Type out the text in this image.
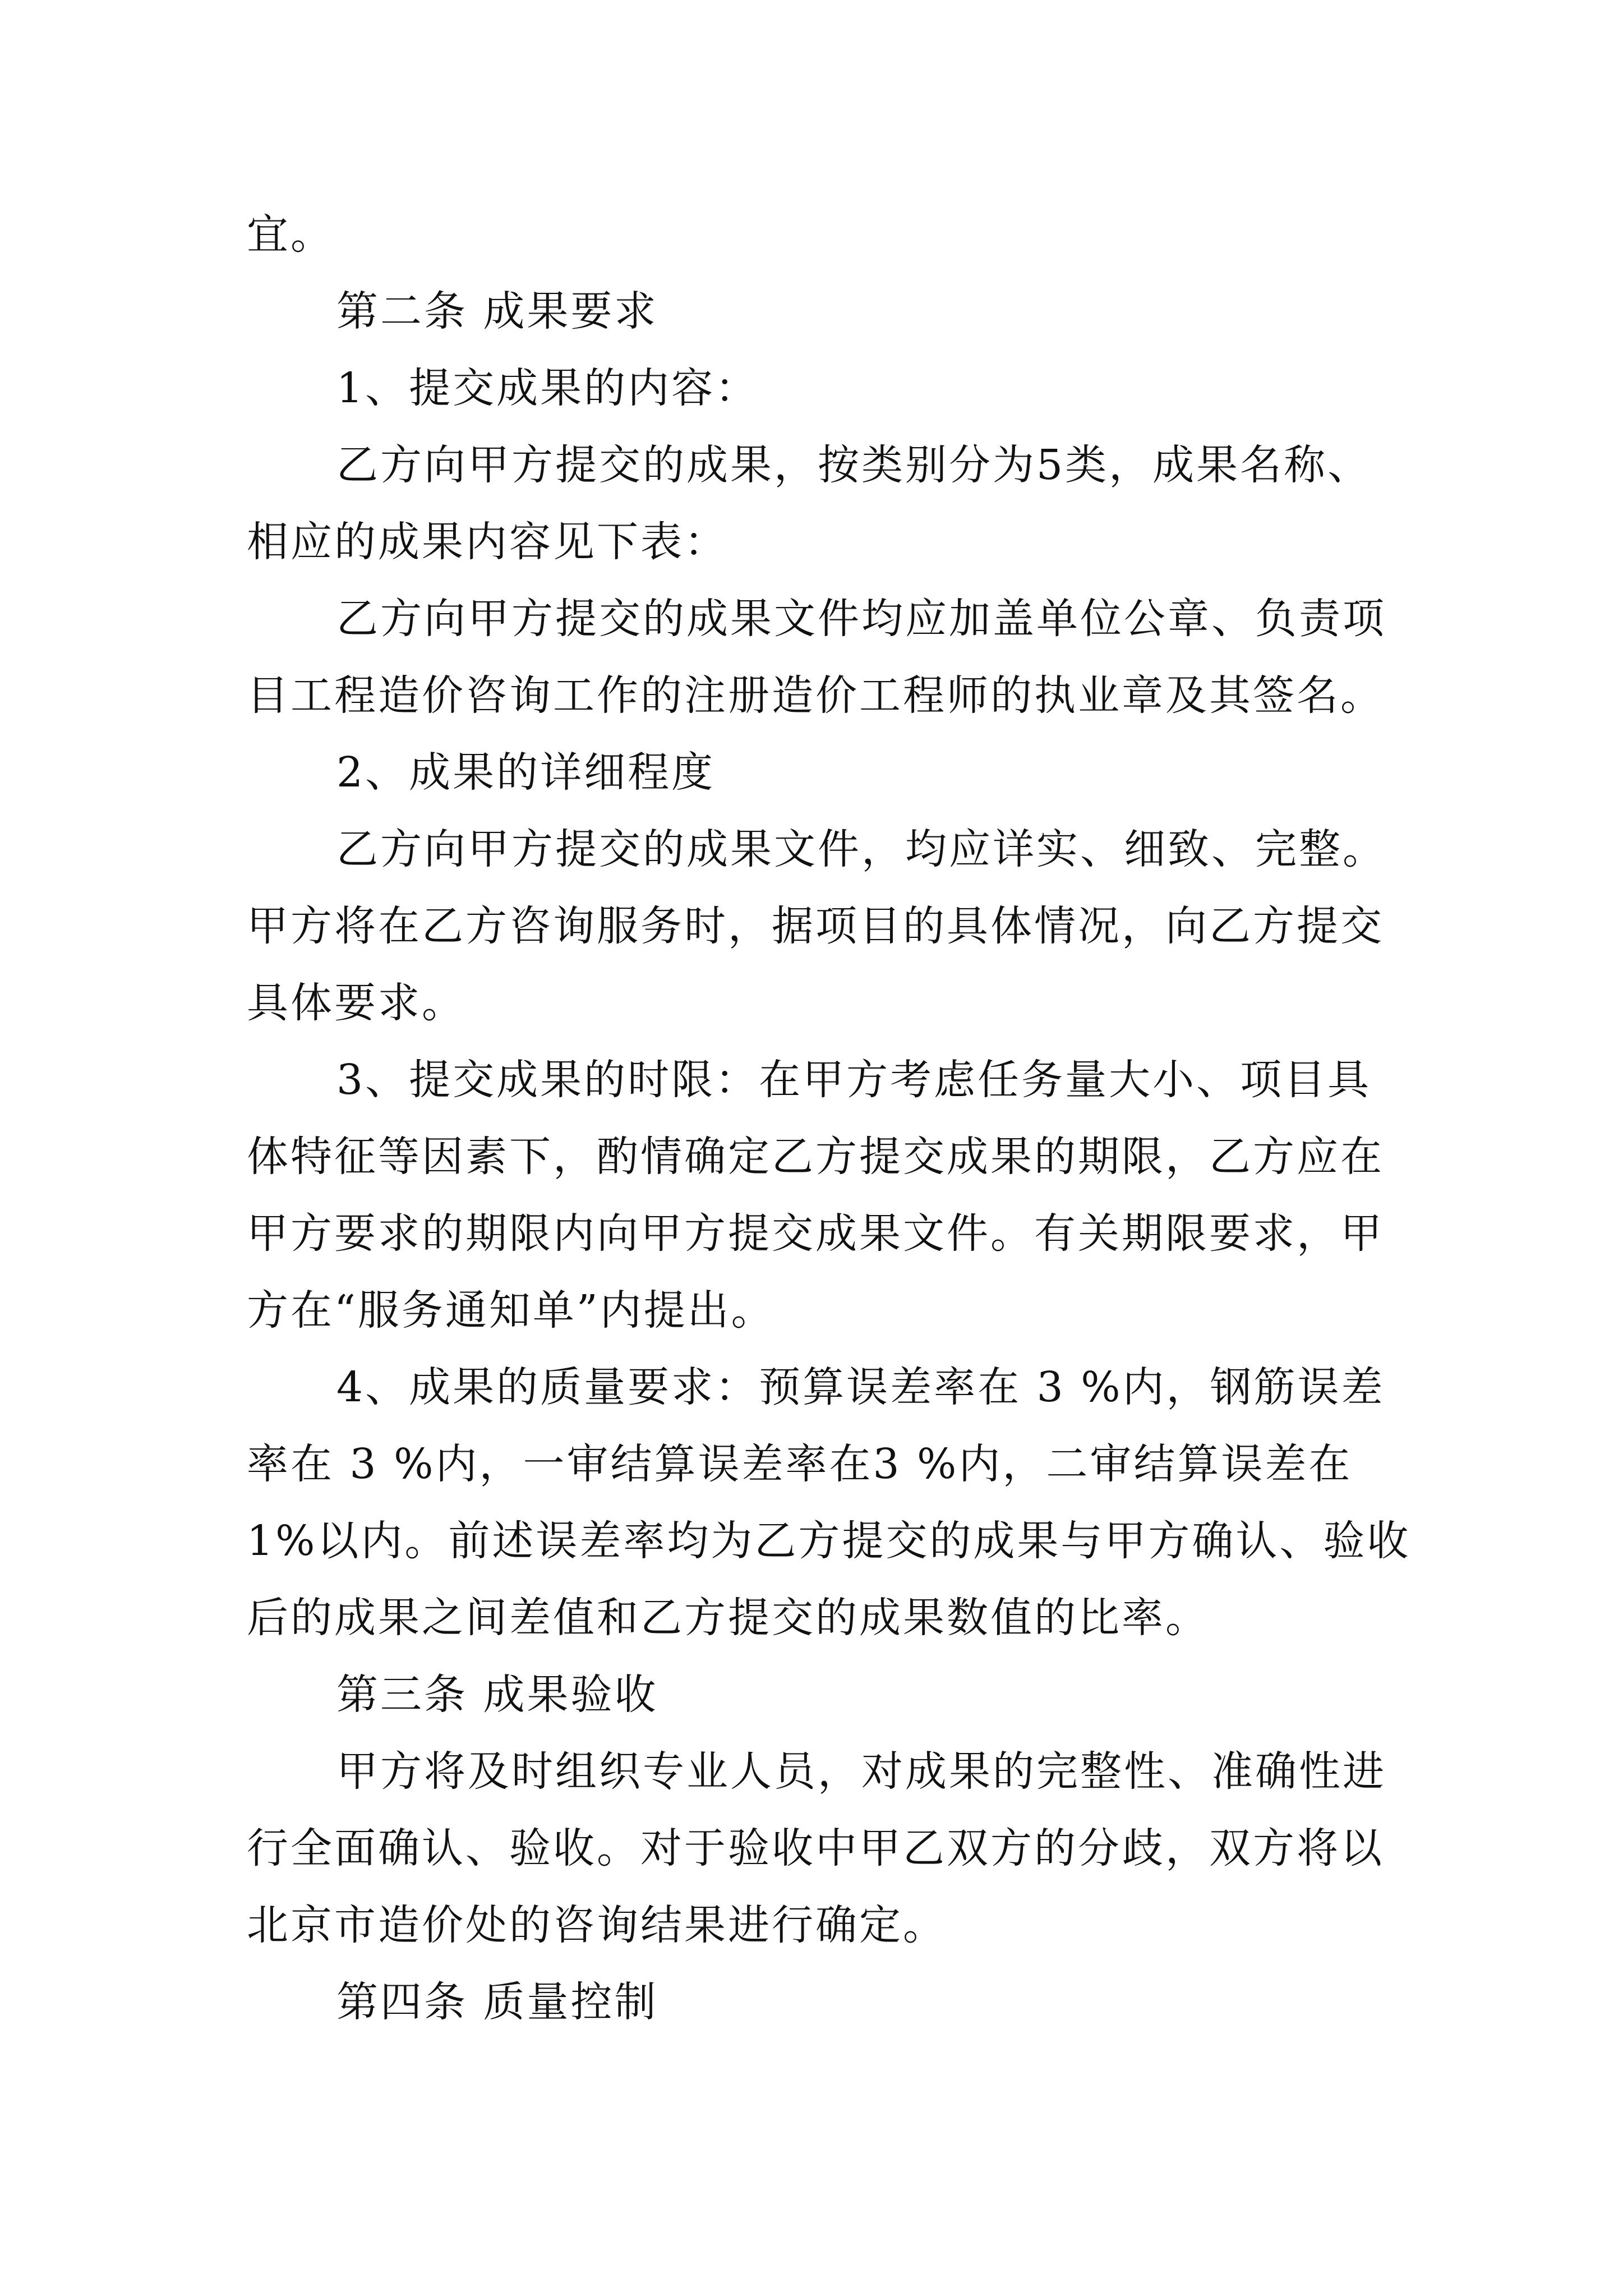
宜。

第二条 成果要求

1、提交成果的内容：

乙方向甲方提交的成果，按类别分为5类，成果名称、相应的成果内容见下表：

乙方向甲方提交的成果文件均应加盖单位公章、负责项目工程造价咨询工作的注册造价工程师的执业章及其签名。

2、成果的详细程度

乙方向甲方提交的成果文件，均应详实、细致、完整。甲方将在乙方咨询服务时，据项目的具体情况，向乙方提交具体要求。

3、提交成果的时限：在甲方考虑任务量大小、项目具体特征等因素下，酌情确定乙方提交成果的期限，乙方应在甲方要求的期限内向甲方提交成果文件。有关期限要求，甲方在“服务通知单”内提出。

4、成果的质量要求：预算误差率在 3 %内，钢筋误差率在 3 %内，一审结算误差率在3 %内，二审结算误差在1%以内。前述误差率均为乙方提交的成果与甲方确认、验收后的成果之间差值和乙方提交的成果数值的比率。

第三条 成果验收

甲方将及时组织专业人员，对成果的完整性、准确性进行全面确认、验收。对于验收中甲乙双方的分歧，双方将以北京市造价处的咨询结果进行确定。

第四条 质量控制
